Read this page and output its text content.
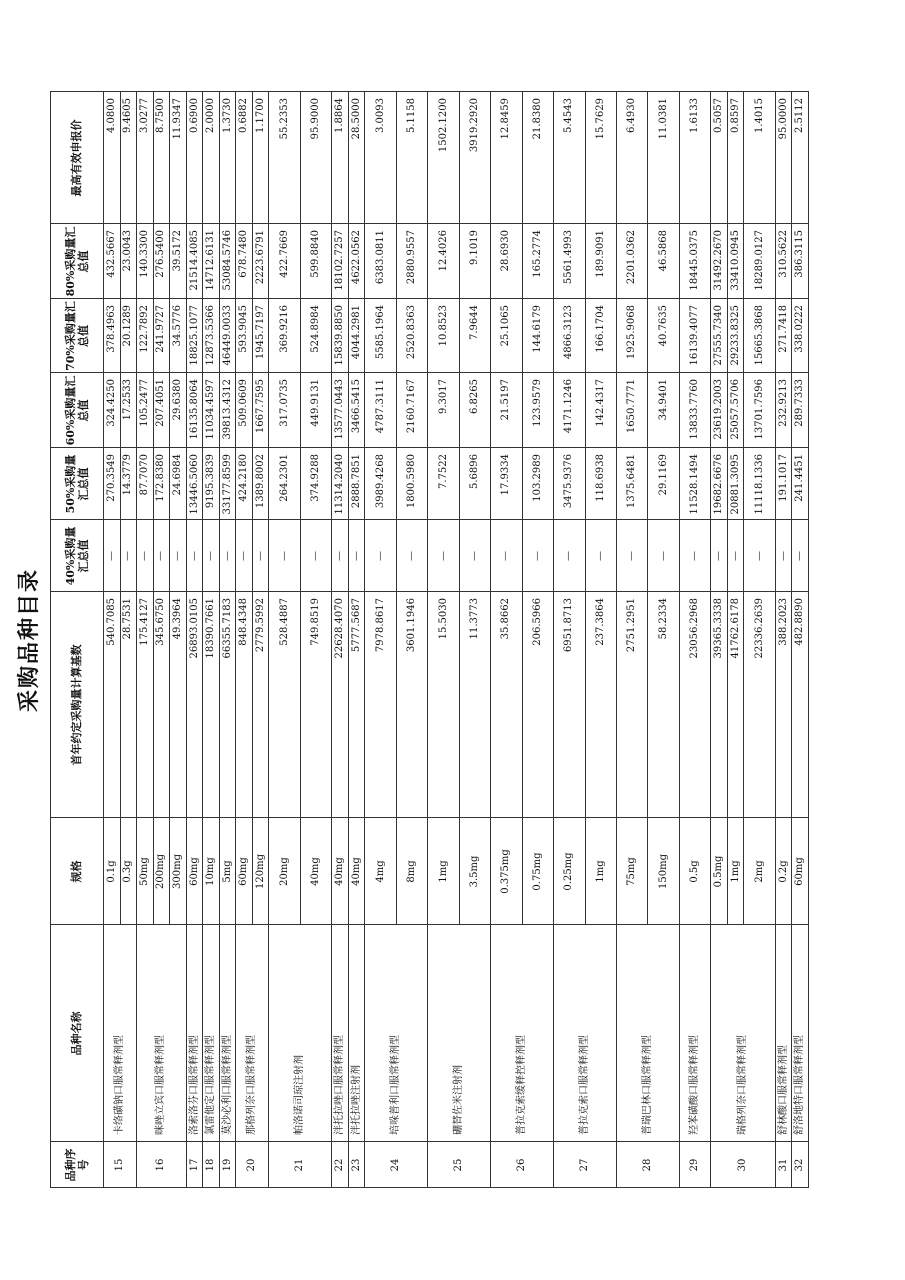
采购品种目录
品种序号
品种名称
规格
首年约定采购量计算基数
40%采购量汇总值
50%采购量汇总值
60%采购量汇总值
70%采购量汇总值
80%采购量汇总值
最高有效申报价
15
卡络磺钠口服常释剂型
16
咪唑立宾口服常释剂型
17
洛索洛芬口服常释剂型
18
氯雷他定口服常释剂型
19
莫沙必利口服常释剂型
20
那格列奈口服常释剂型
21
帕洛诺司琼注射剂
22
泮托拉唑口服常释剂型
23
泮托拉唑注射剂
24
培哚普利口服常释剂型
25
硼替佐米注射剂
26
普拉克索缓释控释剂型
27
普拉克索口服常释剂型
28
普瑞巴林口服常释剂型
29
羟苯磺酸口服常释剂型
30
瑞格列奈口服常释剂型
31
舒林酸口服常释剂型
32
舒洛地特口服常释剂型
0.1g
540.7085
—
270.3549
324.4250
378.4963
432.5667
4.0800
0.3g
28.7531
—
14.3779
17.2533
20.1289
23.0043
9.4605
50mg
175.4127
—
87.7070
105.2477
122.7892
140.3300
3.0277
200mg
345.6750
—
172.8380
207.4051
241.9727
276.5400
8.7500
300mg
49.3964
—
24.6984
29.6380
34.5776
39.5172
11.9347
60mg
26893.0105
—
13446.5060
16135.8064
18825.1077
21514.4085
0.6900
10mg
18390.7661
—
9195.3839
11034.4597
12873.5366
14712.6131
2.0000
5mg
66355.7183
—
33177.8599
39813.4312
46449.0033
53084.5746
1.3730
60mg
848.4348
—
424.2180
509.0609
593.9045
678.7480
0.6882
120mg
2779.5992
—
1389.8002
1667.7595
1945.7197
2223.6791
1.1700
20mg
528.4887
—
264.2301
317.0735
369.9216
422.7669
55.2353
40mg
749.8519
—
374.9288
449.9131
524.8984
599.8840
95.9000
40mg
22628.4070
—
11314.2040
13577.0443
15839.8850
18102.7257
1.8864
40mg
5777.5687
—
2888.7851
3466.5415
4044.2981
4622.0562
28.5000
4mg
7978.8617
—
3989.4268
4787.3111
5585.1964
6383.0811
3.0093
8mg
3601.1946
—
1800.5980
2160.7167
2520.8363
2880.9557
5.1158
1mg
15.5030
—
7.7522
9.3017
10.8523
12.4026
1502.1200
3.5mg
11.3773
—
5.6896
6.8265
7.9644
9.1019
3919.2920
0.375mg
35.8662
—
17.9334
21.5197
25.1065
28.6930
12.8459
0.75mg
206.5966
—
103.2989
123.9579
144.6179
165.2774
21.8380
0.25mg
6951.8713
—
3475.9376
4171.1246
4866.3123
5561.4993
5.4543
1mg
237.3864
—
118.6938
142.4317
166.1704
189.9091
15.7629
75mg
2751.2951
—
1375.6481
1650.7771
1925.9068
2201.0362
6.4930
150mg
58.2334
—
29.1169
34.9401
40.7635
46.5868
11.0381
0.5g
23056.2968
—
11528.1494
13833.7760
16139.4077
18445.0375
1.6133
0.5mg
39365.3338
—
19682.6676
23619.2003
27555.7340
31492.2670
0.5057
1mg
41762.6178
—
20881.3095
25057.5706
29233.8325
33410.0945
0.8597
2mg
22336.2639
—
11118.1336
13701.7596
15665.3868
18289.0127
1.4015
0.2g
388.2023
—
191.1017
232.9213
271.7418
310.5622
95.0000
60mg
482.8890
—
241.4451
289.7333
338.0222
386.3115
2.5112
